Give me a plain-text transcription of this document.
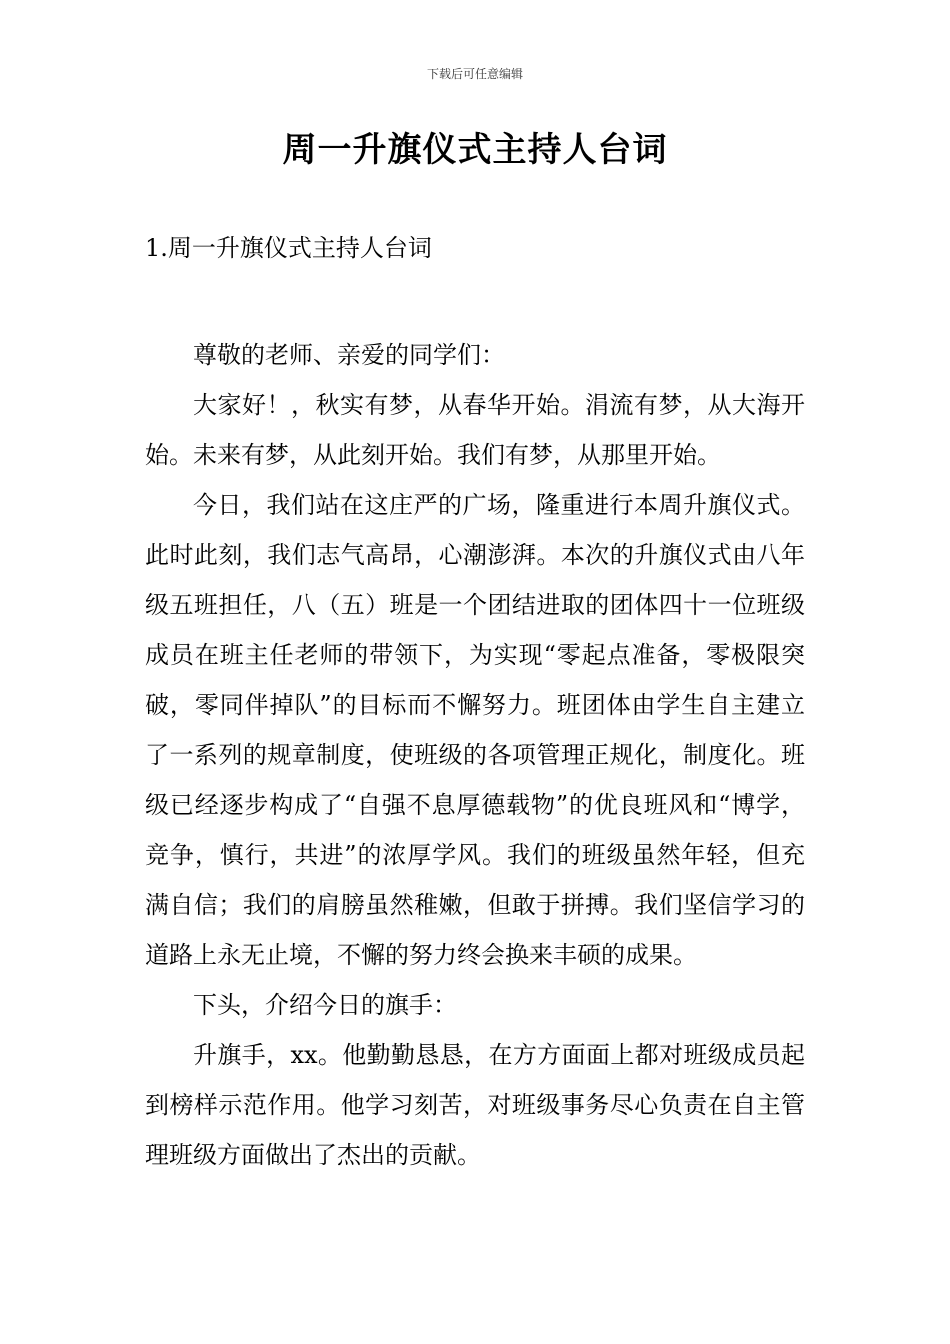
下载后可任意编辑
周一升旗仪式主持人台词
1.周一升旗仪式主持人台词

尊敬的老师、亲爱的同学们：

大家好！，秋实有梦，从春华开始。涓流有梦，从大海开始。未来有梦，从此刻开始。我们有梦，从那里开始。

今日，我们站在这庄严的广场，隆重进行本周升旗仪式。此时此刻，我们志气高昂，心潮澎湃。本次的升旗仪式由八年级五班担任，八（五）班是一个团结进取的团体四十一位班级成员在班主任老师的带领下，为实现“零起点准备，零极限突破，零同伴掉队”的目标而不懈努力。班团体由学生自主建立了一系列的规章制度，使班级的各项管理正规化，制度化。班级已经逐步构成了“自强不息厚德载物”的优良班风和“博学，竞争，慎行，共进”的浓厚学风。我们的班级虽然年轻，但充满自信；我们的肩膀虽然稚嫩，但敢于拼搏。我们坚信学习的道路上永无止境，不懈的努力终会换来丰硕的成果。

下头，介绍今日的旗手：

升旗手，xx。他勤勤恳恳，在方方面面上都对班级成员起到榜样示范作用。他学习刻苦，对班级事务尽心负责在自主管理班级方面做出了杰出的贡献。
